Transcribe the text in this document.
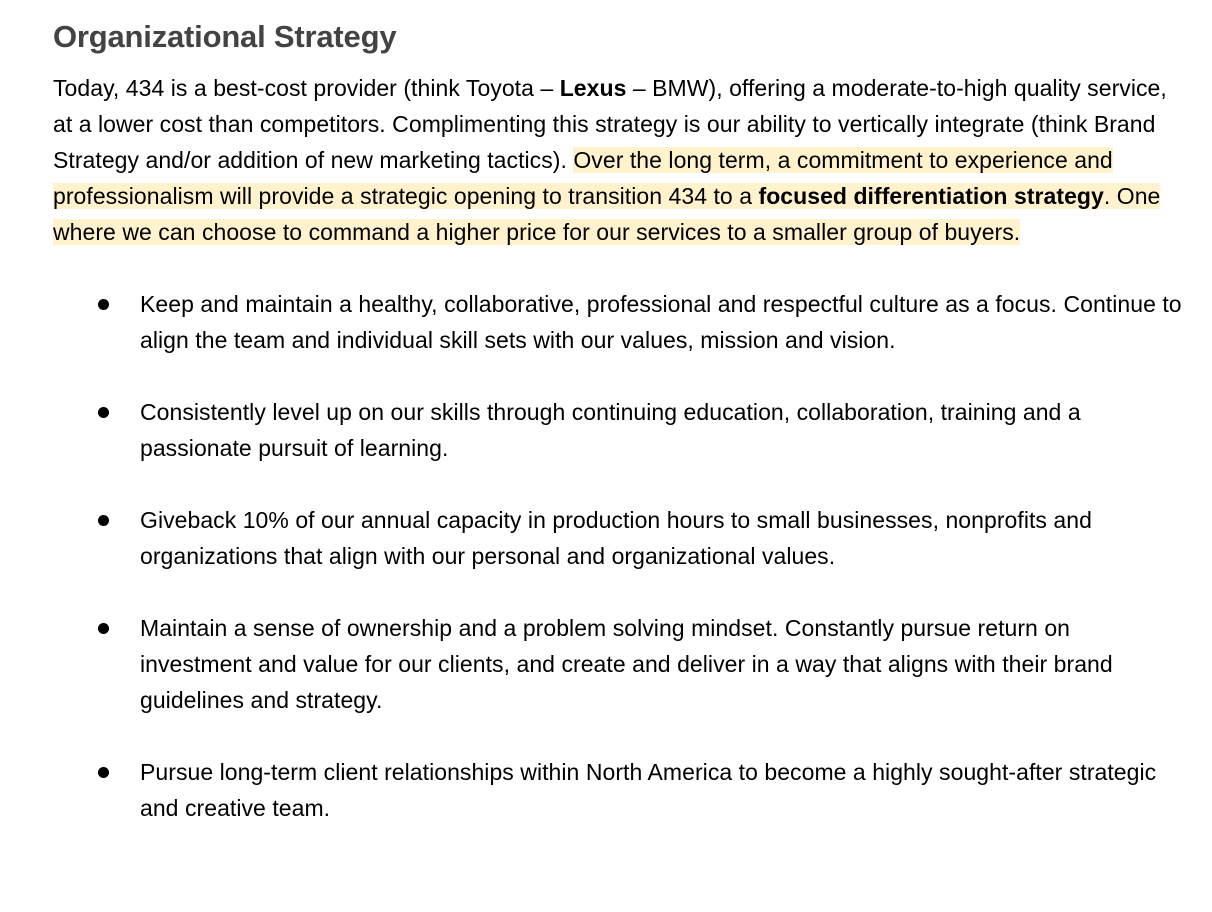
Organizational Strategy

Today, 434 is a best-cost provider (think Toyota – Lexus – BMW), offering a moderate-to-high quality service, at a lower cost than competitors. Complimenting this strategy is our ability to vertically integrate (think Brand Strategy and/or addition of new marketing tactics). Over the long term, a commitment to experience and professionalism will provide a strategic opening to transition 434 to a focused differentiation strategy. One where we can choose to command a higher price for our services to a smaller group of buyers.

Keep and maintain a healthy, collaborative, professional and respectful culture as a focus. Continue to align the team and individual skill sets with our values, mission and vision.
Consistently level up on our skills through continuing education, collaboration, training and a passionate pursuit of learning.
Giveback 10% of our annual capacity in production hours to small businesses, nonprofits and organizations that align with our personal and organizational values.
Maintain a sense of ownership and a problem solving mindset. Constantly pursue return on investment and value for our clients, and create and deliver in a way that aligns with their brand guidelines and strategy.
Pursue long-term client relationships within North America to become a highly sought-after strategic and creative team.
